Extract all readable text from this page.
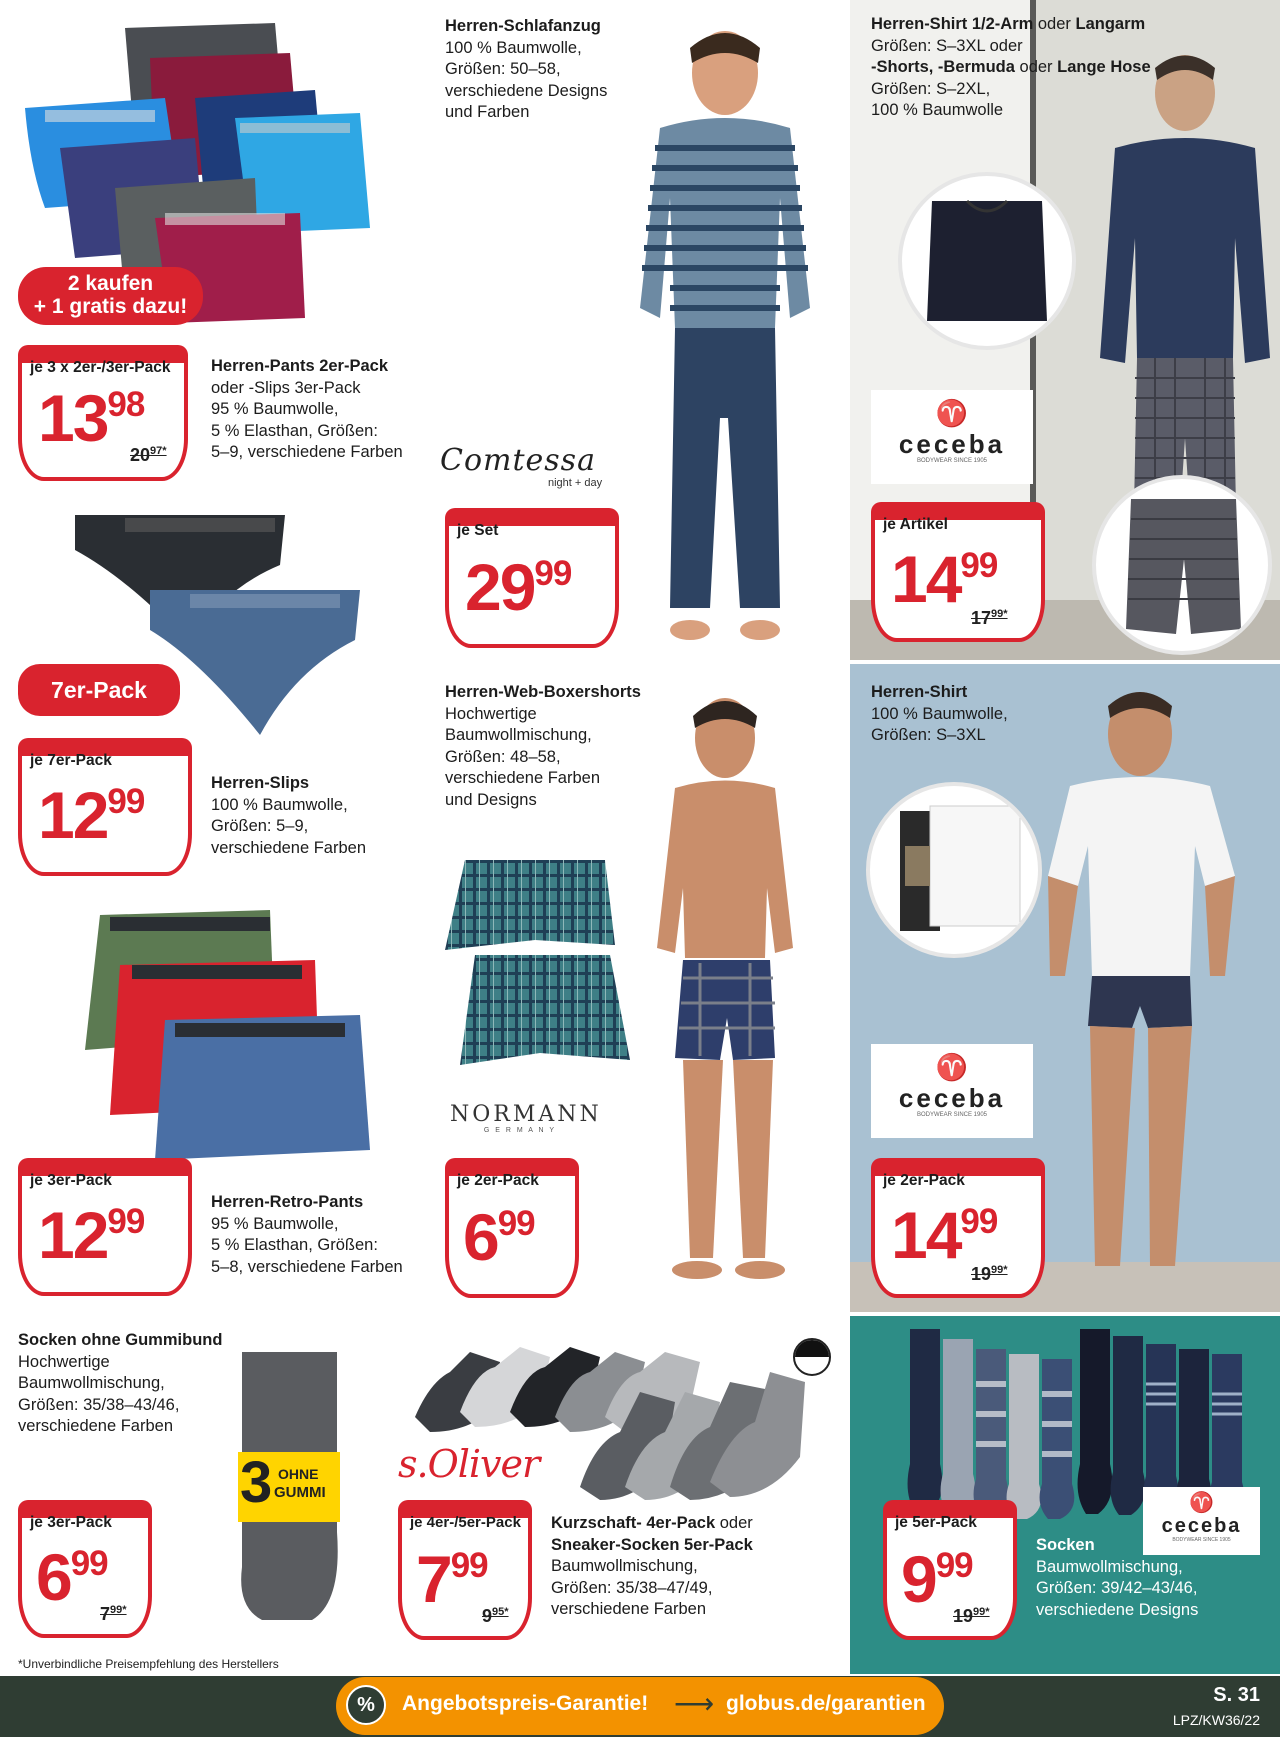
2 kaufen
+ 1 gratis dazu!
je 3 x 2er-/3er-Pack
$13^{98}$
$20^{97*}$
Herren-Pants 2er-Pack
oder -Slips 3er-Pack
95 % Baumwolle,
5 % Elasthan, Größen:
5–9, verschiedene Farben
7er-Pack
je 7er-Pack
$12^{99}$	Herren-Slips
100 % Baumwolle,
Größen: 5–9,
verschiedene Farben
je 3er-Pack
$12^{99}$	Herren-Retro-Pants
95 % Baumwolle,
5 % Elasthan, Größen:
5–8, verschiedene Farben
Socken ohne Gummibund
Hochwertige
Baumwollmischung,
Größen: 35/38–43/46,
verschiedene Farben
3 OHNE
GUMMI
je 3er-Pack
$6^{99}$
$7^{99*}$
Herren-Schlafanzug
100 % Baumwolle,
Größen: 50–58,
verschiedene Designs
und Farben
Comtessa
night + day
je Set
$29^{99}$
Herren-Web-Boxershorts
Hochwertige
Baumwollmischung,
Größen: 48–58,
verschiedene Farben
und Designs
NORMANN
G E R M A N Y
je 2er-Pack
$6^{99}$
s.Oliver
je 4er-/5er-Pack
$7^{99}$
$9^{95*}$
Kurzschaft- 4er-Pack oder
Sneaker-Socken 5er-Pack
Baumwollmischung,
Größen: 35/38–47/49,
verschiedene Farben
Herren-Shirt 1/2-Arm oder Langarm
Größen: S–3XL oder
-Shorts, -Bermuda oder Lange Hose
Größen: S–2XL,
100 % Baumwolle
♈
ceceba
BODYWEAR SINCE 1905
je Artikel
$14^{99}$
$17^{99*}$
Herren-Shirt
100 % Baumwolle,
Größen: S–3XL
♈
ceceba
BODYWEAR SINCE 1905
je 2er-Pack
$14^{99}$
$19^{99*}$
♈
ceceba
BODYWEAR SINCE 1905
je 5er-Pack
$9^{99}$
$19^{99*}$
Socken
Baumwollmischung,
Größen: 39/42–43/46,
verschiedene Designs
*Unverbindliche Preisempfehlung des Herstellers
%	Angebotspreis-Garantie! ⟶ globus.de/garantien	S. 31
LPZ/KW36/22
